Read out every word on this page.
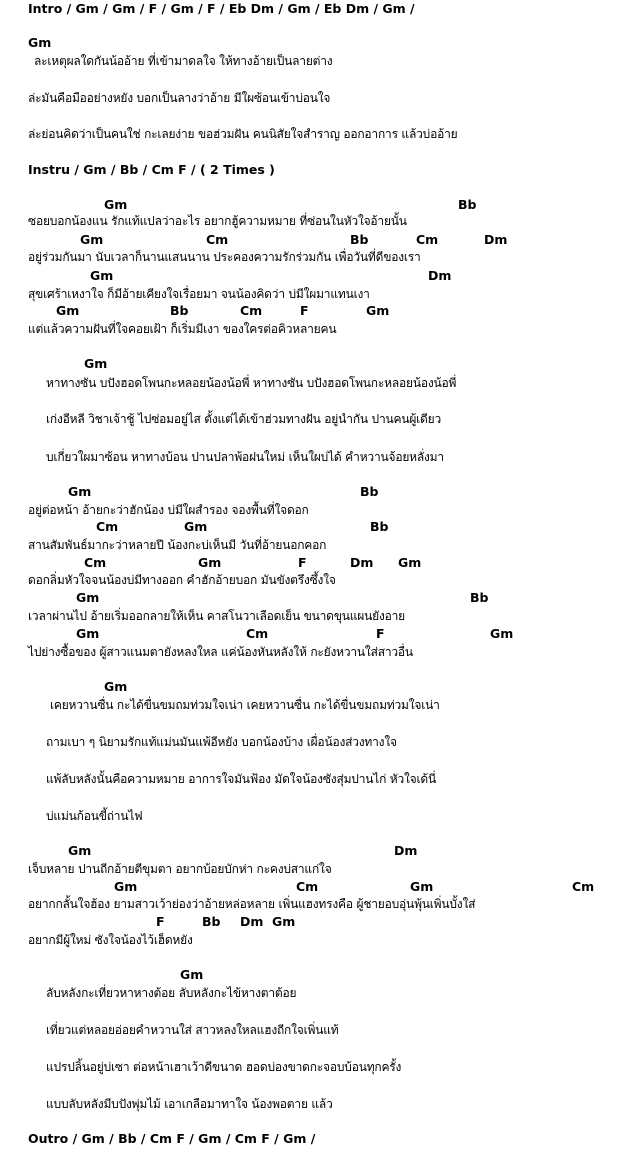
Intro / Gm / Gm / F / Gm / F / Eb Dm / Gm / Eb Dm / Gm /
Gm
ละเหตุผลใดกันน้ออ้าย ที่เข้ามาดลใจ ให้ทางอ้ายเป็นลายต่าง
ล่ะมันคือมืออย่างหยัง บอกเป็นลางว่าอ้าย มีใผซ้อนเข้าบ่อนใจ
ล่ะย่อนคิดว่าเป็นคนใช่ กะเลยง่าย ขอฮ่วมฝัน คนนิสัยใจสำราญ ออกอาการ แล้วบ่ออ้าย
Instru / Gm / Bb / Cm F / ( 2 Times )
Gm	Bb
ซอยบอกน้องแน รักแท้แปลว่าอะไร อยากฮู้ความหมาย ที่ซ่อนในหัวใจอ้ายนั้น
Gm	Cm	Bb	Cm	Dm
อยู่ร่วมกันมา นับเวลาก็นานแสนนาน ประคองความรักร่วมกัน เพื่อวันที่ดีของเรา
Gm	Dm
สุขเศร้าเหงาใจ ก็มีอ้ายเคียงใจเรื่อยมา จนน้องคิดว่า บ่มีใผมาแทนเงา
Gm	Bb	Cm	F	Gm
แต่แล้วความฝันที่ใจคอยเฝ้า ก็เริ่มมีเงา ของใครต่อคิวหลายคน
Gm
หาทางซัน บปังฮอดโพนกะหลอยน้องน้อพี่ หาทางซัน บปังฮอดโพนกะหลอยน้องน้อพี่
เก่งอีหลี วิชาเจ้าชู้ ไปซ่อมอยู่ไส ตั้งแต่ได้เข้าฮ่วมทางฝัน อยู่นำกัน ปานคนผู้เดียว
บเกี่ยวใผมาซ้อน หาทางบ้อน ปานปลาพ้อฝนใหม่ เห็นใผบ่ได้ คำหวานจ้อยหลั่งมา
Gm	Bb
อยู่ต่อหน้า อ้ายกะว่าฮักน้อง บ่มีใผสำรอง จองพื้นที่ใจดอก
Cm	Gm	Bb
สานสัมพันธ์มากะว่าหลายปี น้องกะบ่เห็นมี วันที่อ้ายนอกคอก
Cm	Gm	F	Dm Gm
ดอกลิ่มหัวใจจนน้องบ่มีทางออก คำฮักอ้ายบอก มันขังตรึงซึ้งใจ
Gm	Bb
เวลาผ่านไป อ้ายเริ่มออกลายให้เห็น คาสโนวาเลือดเย็น ขนาดขุนแผนยังอาย
Gm	Cm	F	Gm
ไปย่างซื้อของ ผู้สาวแนมตายังหลงใหล แค่น้องหันหลังให้ กะยังหวานใส่สาวอื่น
Gm
เคยหวานซื่น กะได้ขื่นขมถมท่วมใจเน่า เคยหวานซื่น กะได้ขื่นขมถมท่วมใจเน่า
ถามเบา ๆ นิยามรักแท้แม่นมันแพ้อีหยัง บอกน้องบ้าง เผื่อน้องส่วงทางใจ
แพ้ลับหลังนั้นคือความหมาย อาการใจมันฟ้อง มัดใจน้องซังสุ่มปานไก่ หัวใจเด้นี่
บ่แม่นก้อนขี้ถ่านไฟ
Gm	Dm
เจ็บหลาย ปานถีกอ้ายตีขุมตา อยากบ้อยบักห่า กะคงบ่สาแก่ใจ
Gm	Cm	Gm	Cm
อยากกลั้นใจฮ้อง ยามสาวเว้าย่องว่าอ้ายหล่อหลาย เพิ่นแฮงทรงคือ ผู้ชายอบอุ่นพุ้นเพิ่นบั้งใส่
F	Bb Dm Gm
อยากมีผู้ใหม่ ซังใจน้องไว้เฮ็ดหยัง
Gm
ลับหลังกะเที่ยวหาหางต้อย ลับหลังกะไข้หางตาต้อย
เที่ยวแต่หลอยอ่อยคำหวานใส่ สาวหลงใหลแฮงถีกใจเพิ่นแท้
แปรปลิ้นอยู่บ่เซา ต่อหน้าเฮาเว้าดีขนาด ฮอดบ่องขาดกะจอบบ้อนทุกครั้ง
แบบลับหลังมีบปังพุ่มไม้ เอาเกลือมาทาใจ น้องพอตาย แล้ว
Outro / Gm / Bb / Cm F / Gm / Cm F / Gm /
